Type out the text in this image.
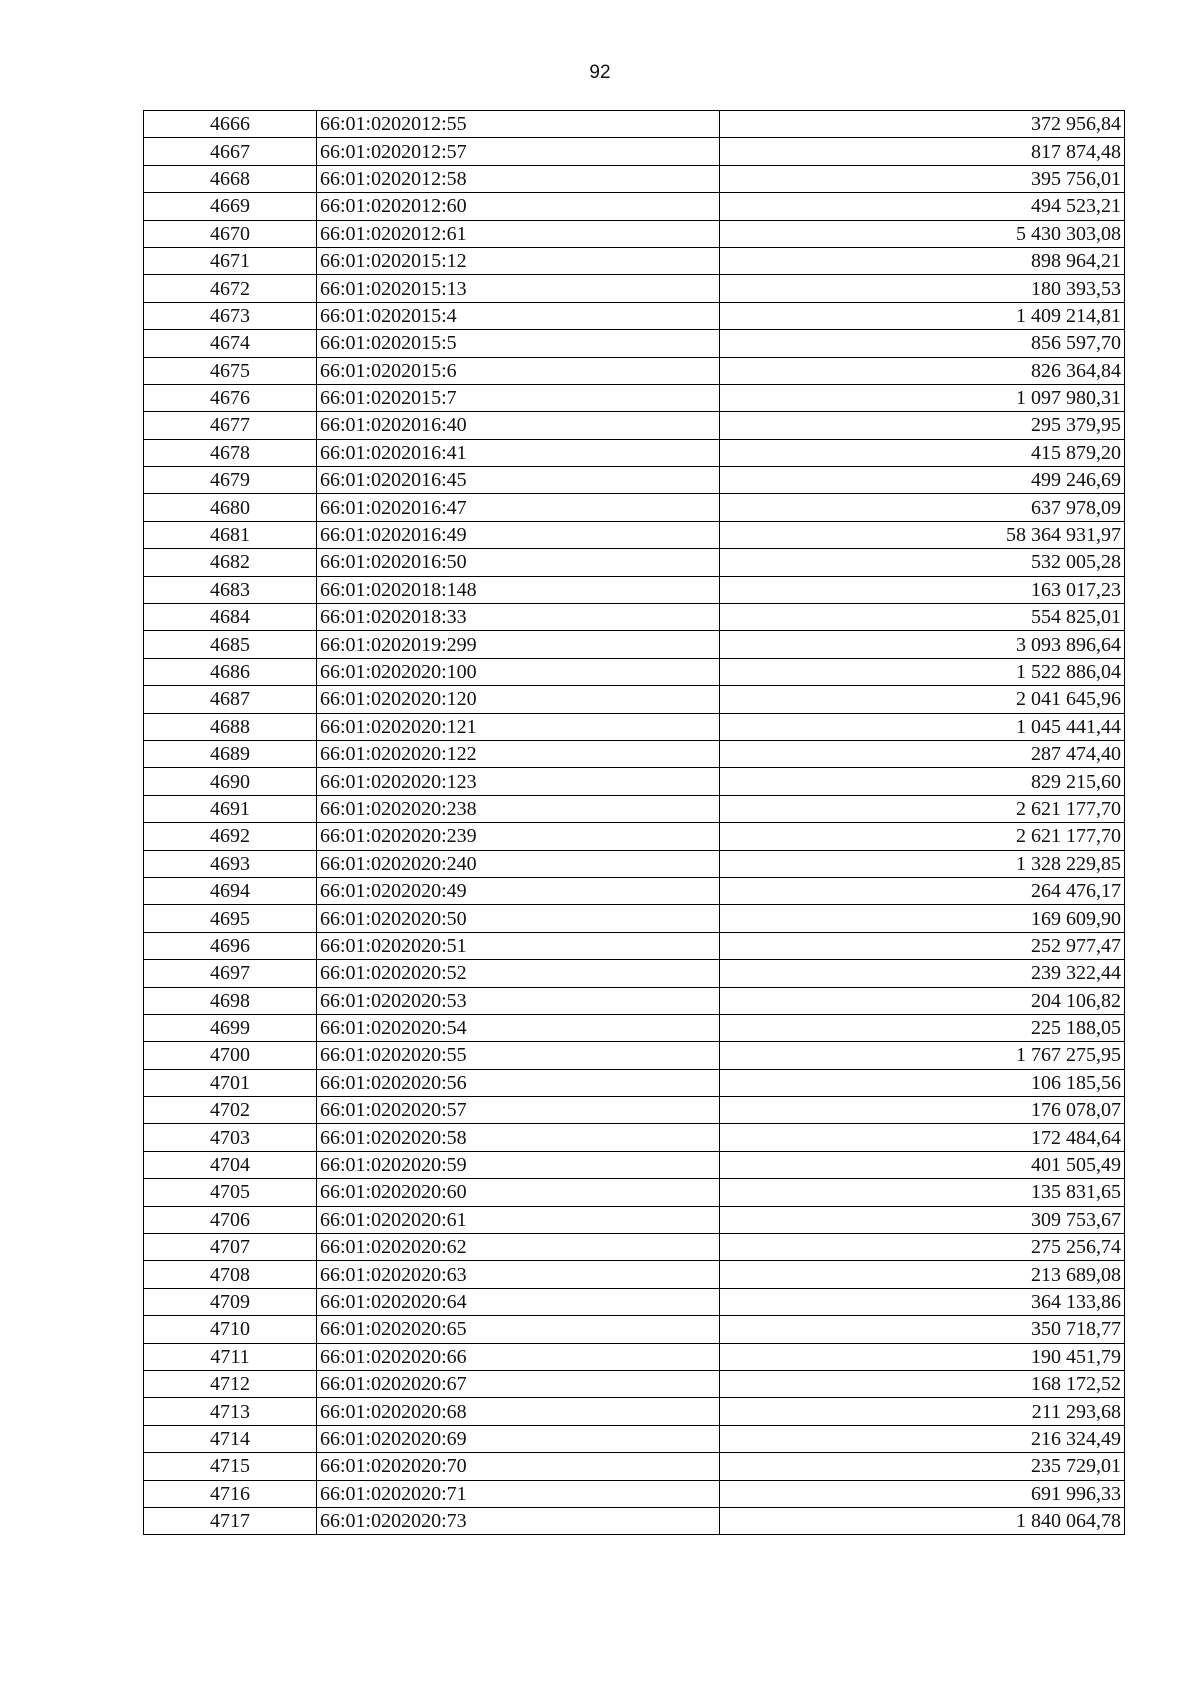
92
4666	66:01:0202012:55	372 956,84
4667	66:01:0202012:57	817 874,48
4668	66:01:0202012:58	395 756,01
4669	66:01:0202012:60	494 523,21
4670	66:01:0202012:61	5 430 303,08
4671	66:01:0202015:12	898 964,21
4672	66:01:0202015:13	180 393,53
4673	66:01:0202015:4	1 409 214,81
4674	66:01:0202015:5	856 597,70
4675	66:01:0202015:6	826 364,84
4676	66:01:0202015:7	1 097 980,31
4677	66:01:0202016:40	295 379,95
4678	66:01:0202016:41	415 879,20
4679	66:01:0202016:45	499 246,69
4680	66:01:0202016:47	637 978,09
4681	66:01:0202016:49	58 364 931,97
4682	66:01:0202016:50	532 005,28
4683	66:01:0202018:148	163 017,23
4684	66:01:0202018:33	554 825,01
4685	66:01:0202019:299	3 093 896,64
4686	66:01:0202020:100	1 522 886,04
4687	66:01:0202020:120	2 041 645,96
4688	66:01:0202020:121	1 045 441,44
4689	66:01:0202020:122	287 474,40
4690	66:01:0202020:123	829 215,60
4691	66:01:0202020:238	2 621 177,70
4692	66:01:0202020:239	2 621 177,70
4693	66:01:0202020:240	1 328 229,85
4694	66:01:0202020:49	264 476,17
4695	66:01:0202020:50	169 609,90
4696	66:01:0202020:51	252 977,47
4697	66:01:0202020:52	239 322,44
4698	66:01:0202020:53	204 106,82
4699	66:01:0202020:54	225 188,05
4700	66:01:0202020:55	1 767 275,95
4701	66:01:0202020:56	106 185,56
4702	66:01:0202020:57	176 078,07
4703	66:01:0202020:58	172 484,64
4704	66:01:0202020:59	401 505,49
4705	66:01:0202020:60	135 831,65
4706	66:01:0202020:61	309 753,67
4707	66:01:0202020:62	275 256,74
4708	66:01:0202020:63	213 689,08
4709	66:01:0202020:64	364 133,86
4710	66:01:0202020:65	350 718,77
4711	66:01:0202020:66	190 451,79
4712	66:01:0202020:67	168 172,52
4713	66:01:0202020:68	211 293,68
4714	66:01:0202020:69	216 324,49
4715	66:01:0202020:70	235 729,01
4716	66:01:0202020:71	691 996,33
4717	66:01:0202020:73	1 840 064,78
